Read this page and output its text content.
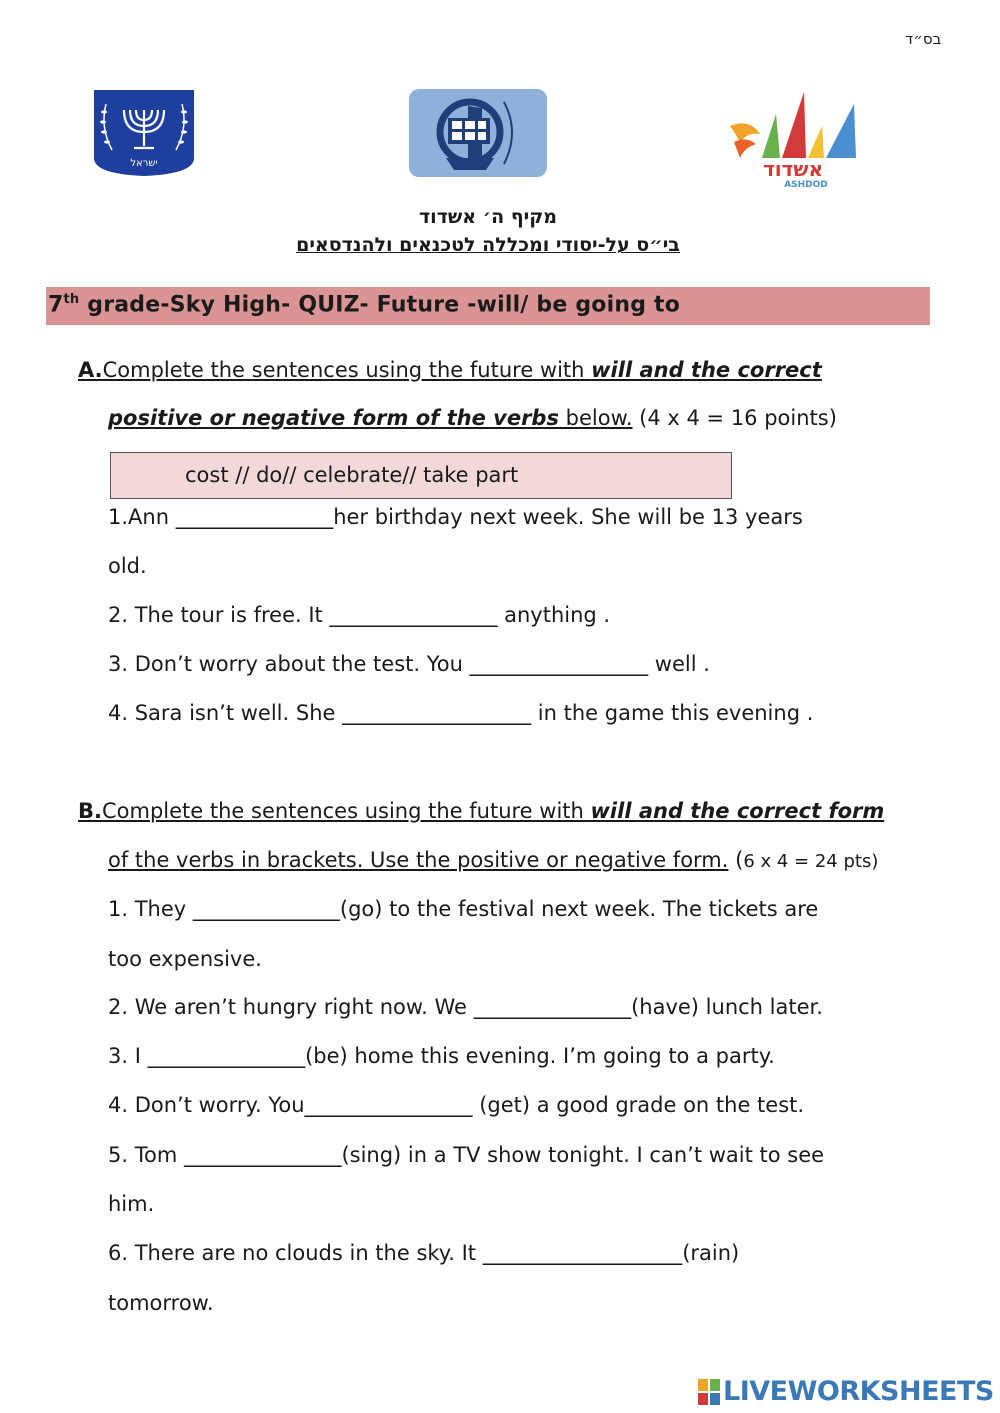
בס״ד
ישראל	אשדוד
ASHDOD
מקיף ה׳ אשדוד
בי״ס על-יסודי ומכללה לטכנאים ולהנדסאים
7th grade-Sky High- QUIZ- Future -will/ be going to
A.Complete the sentences using the future with will and the correct
positive or negative form of the verbs below. (4 x 4 = 16 points)
cost // do// celebrate// take part
1.Ann _______________her birthday next week. She will be 13 years
old.
2. The tour is free. It ________________ anything .
3. Don’t worry about the test. You _________________ well .
4. Sara isn’t well. She __________________ in the game this evening .
B.Complete the sentences using the future with will and the correct form
of the verbs in brackets. Use the positive or negative form. (6 x 4 = 24 pts)
1. They ______________(go) to the festival next week. The tickets are
too expensive.
2. We aren’t hungry right now. We _______________(have) lunch later.
3. I _______________(be) home this evening. I’m going to a party.
4. Don’t worry. You________________ (get) a good grade on the test.
5. Tom _______________(sing) in a TV show tonight. I can’t wait to see
him.
6. There are no clouds in the sky. It ___________________(rain)
tomorrow.
LIVEWORKSHEETS
